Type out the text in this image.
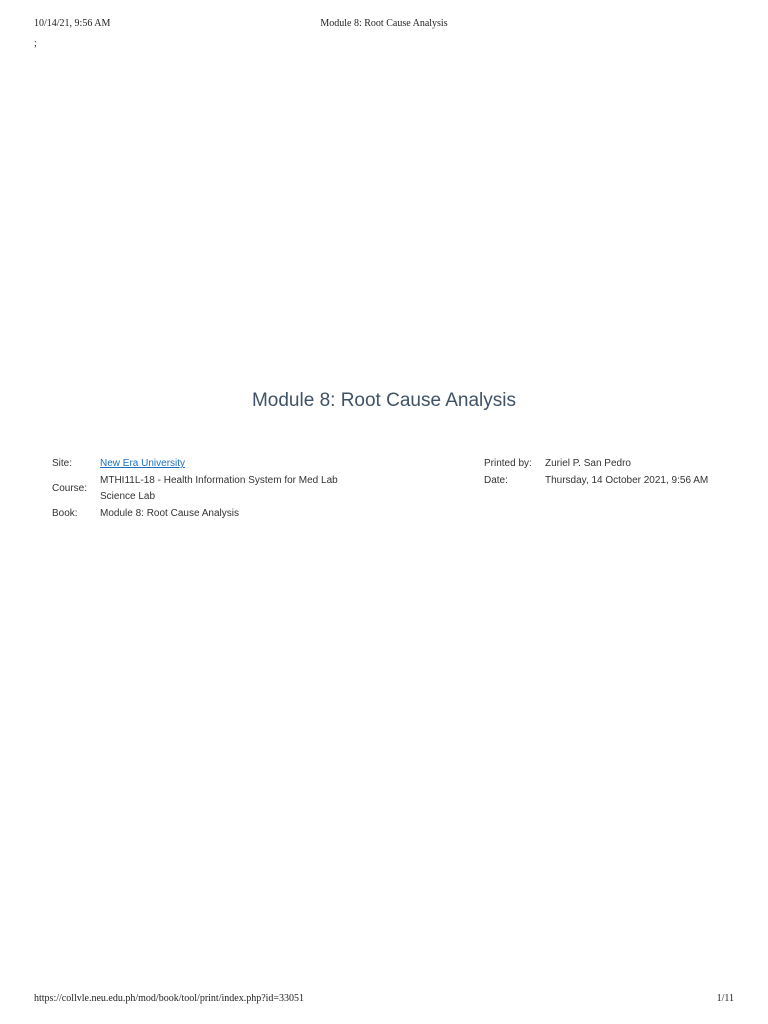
10/14/21, 9:56 AM	Module 8: Root Cause Analysis
;
Module 8: Root Cause Analysis
Site:	New Era University
Course:
MTHI11L-18 - Health Information System for Med Lab Science Lab
Book:	Module 8: Root Cause Analysis
Printed by:	Zuriel P. San Pedro
Date:	Thursday, 14 October 2021, 9:56 AM
https://collvle.neu.edu.ph/mod/book/tool/print/index.php?id=33051	1/11
